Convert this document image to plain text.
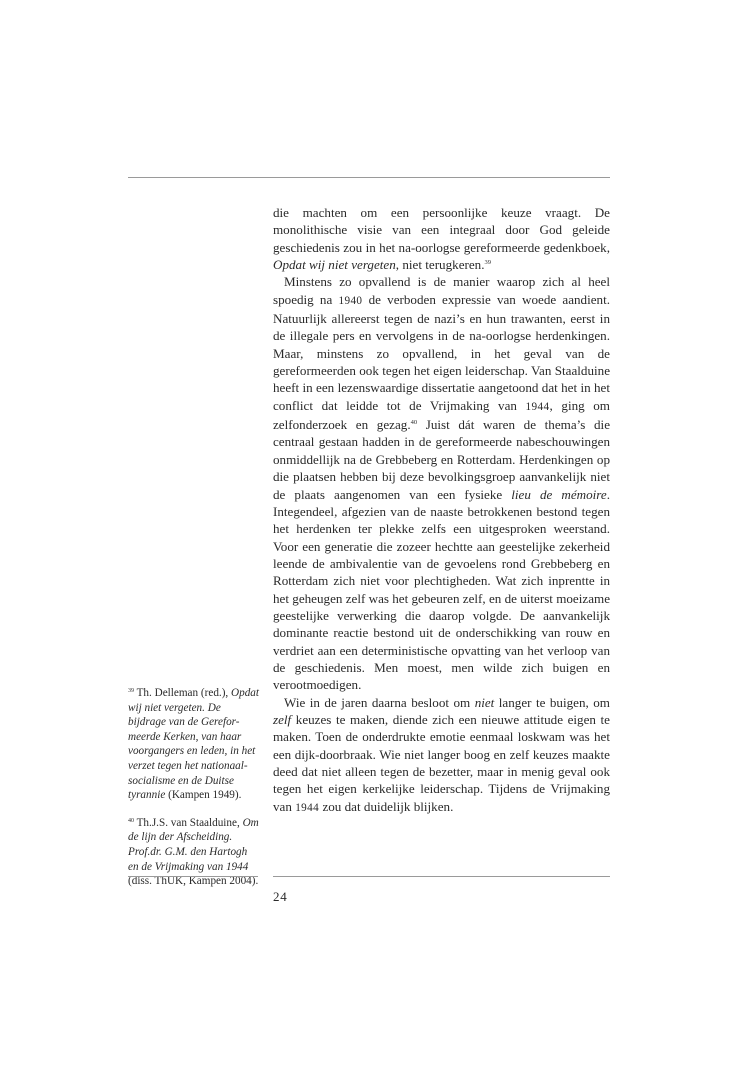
die machten om een persoonlijke keuze vraagt. De monolithische visie van een integraal door God geleide geschiedenis zou in het na-oorlogse gereformeerde gedenkboek, Opdat wij niet vergeten, niet terugkeren.$^{39}$

Minstens zo opvallend is de manier waarop zich al heel spoedig na 1940 de verboden expressie van woede aandient. Natuurlijk allereerst tegen de nazi’s en hun trawanten, eerst in de illegale pers en vervolgens in de na-oorlogse herdenkingen. Maar, minstens zo opvallend, in het geval van de gereformeerden ook tegen het eigen leiderschap. Van Staalduine heeft in een lezenswaardige dissertatie aangetoond dat het in het conflict dat leidde tot de Vrijmaking van 1944, ging om zelfonderzoek en gezag.$^{40}$ Juist dát waren de thema’s die centraal gestaan hadden in de gereformeerde nabeschouwingen onmiddellijk na de Grebbeberg en Rotterdam. Herdenkingen op die plaatsen hebben bij deze bevolkingsgroep aanvankelijk niet de plaats aangenomen van een fysieke lieu de mémoire. Integendeel, afgezien van de naaste betrokkenen bestond tegen het herdenken ter plekke zelfs een uitgesproken weerstand. Voor een generatie die zozeer hechtte aan geestelijke zekerheid leende de ambivalentie van de gevoelens rond Grebbeberg en Rotterdam zich niet voor plechtigheden. Wat zich inprentte in het geheugen zelf was het gebeuren zelf, en de uiterst moeizame geestelijke verwerking die daarop volgde. De aanvankelijk dominante reactie bestond uit de onderschikking van rouw en verdriet aan een deterministische opvatting van het verloop van de geschiedenis. Men moest, men wilde zich buigen en verootmoedigen.

Wie in de jaren daarna besloot om niet langer te buigen, om zelf keuzes te maken, diende zich een nieuwe attitude eigen te maken. Toen de onderdrukte emotie eenmaal loskwam was het een dijk-doorbraak. Wie niet langer boog en zelf keuzes maakte deed dat niet alleen tegen de bezetter, maar in menig geval ook tegen het eigen kerkelijke leiderschap. Tijdens de Vrijmaking van 1944 zou dat duidelijk blijken.

$^{39}$ Th. Delleman (red.), Opdat wij niet vergeten. De bijdrage van de Gerefor-meerde Kerken, van haar voorgangers en leden, in het verzet tegen het nationaal-socialisme en de Duitse tyrannie (Kampen 1949).

$^{40}$ Th.J.S. van Staalduine, Om de lijn der Afscheiding. Prof.dr. G.M. den Hartogh en de Vrijmaking van 1944 (diss. ThUK, Kampen 2004).

24
